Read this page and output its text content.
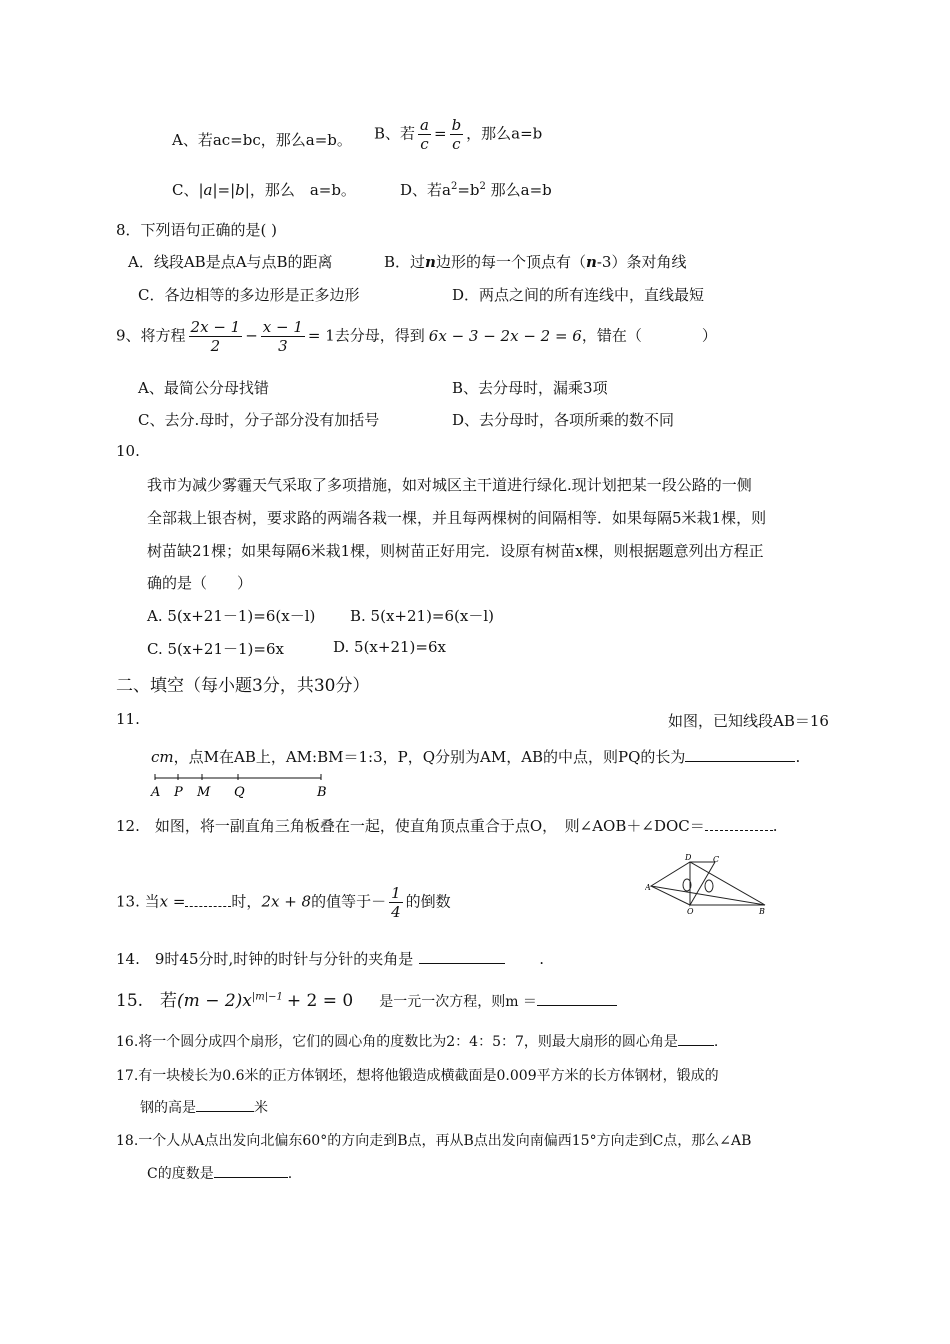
A、若ac=bc，那么a=b。 B、若 $\frac{a}{c} = \frac{b}{c}$ ，那么a=b
C、|a|=|b|，那么　a=b。	D、若$a^2=b^2$ 那么a=b
8．下列语句正确的是( )
A．线段AB是点A与点B的距离	B．过n边形的每一个顶点有（n-3）条对角线
C．各边相等的多边形是正多边形	D．两点之间的所有连线中，直线最短
9、将方程 $\frac{2x - 1}{2} - \frac{x - 1}{3} = 1$去分母，得到 6x − 3 − 2x − 2 = 6，错在（　　　　）
A、最简公分母找错	B、去分母时，漏乘3项
C、去分.母时，分子部分没有加括号	D、去分母时，各项所乘的数不同
10.
我市为减少雾霾天气采取了多项措施，如对城区主干道进行绿化.现计划把某一段公路的一侧
全部栽上银杏树，要求路的两端各栽一棵，并且每两棵树的间隔相等．如果每隔5米栽1棵，则
树苗缺21棵；如果每隔6米栽1棵，则树苗正好用完．设原有树苗x棵，则根据题意列出方程正
确的是（　　）
A. 5(x+21－1)=6(x－l) B. 5(x+21)=6(x－l)
C. 5(x+21－1)=6x	D. 5(x+21)=6x
二、填空（每小题3分，共30分）
11.	如图，已知线段AB＝16
cm，点M在AB上，AM:BM＝1:3，P，Q分别为AM，AB的中点，则PQ的长为	.
A P M Q	B
12.　如图，将一副直角三角板叠在一起，使直角顶点重合于点O，　则∠AOB＋∠DOC＝	.
A
O	B
D	C
13. 当x =	时，2x + 8的值等于－ $\frac{1}{4}$ 的倒数
14.　9时45分时,时钟的时针与分针的夹角是	.
15.　若$(m - 2)x^{|m|-1} + 2 = 0$ 是一元一次方程，则m ＝
16.将一个圆分成四个扇形，它们的圆心角的度数比为2：4：5：7，则最大扇形的圆心角是	.
17.有一块棱长为0.6米的正方体钢坯，想将他锻造成横截面是0.009平方米的长方体钢材，锻成的
钢的高是	米
18.一个人从A点出发向北偏东60°的方向走到B点，再从B点出发向南偏西15°方向走到C点，那么∠AB
C的度数是	.
